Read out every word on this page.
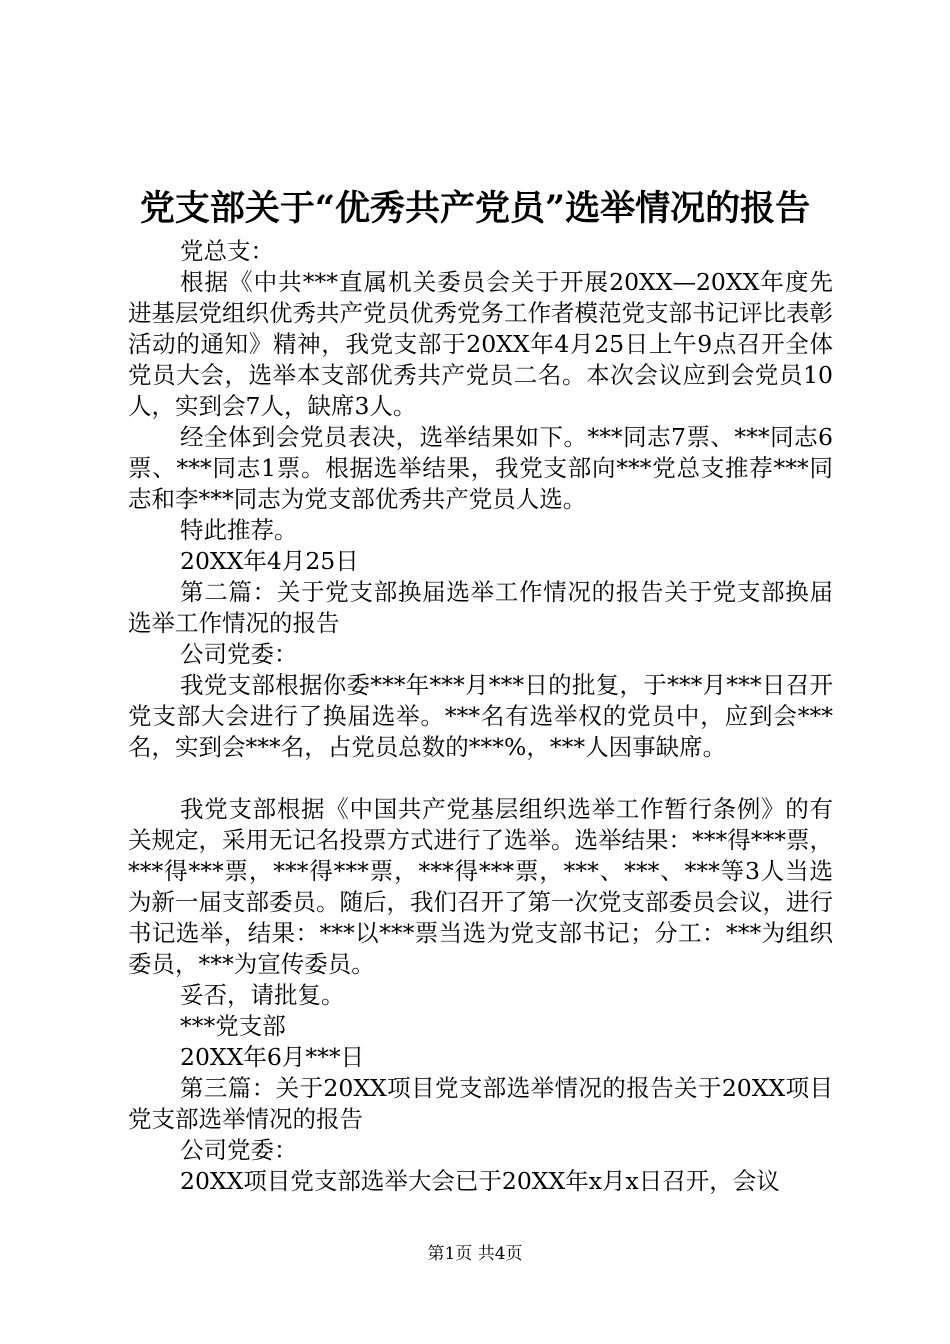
党支部关于“优秀共产党员”选举情况的报告

党总支：

根据《中共***直属机关委员会关于开展20XX—20XX年度先进基层党组织优秀共产党员优秀党务工作者模范党支部书记评比表彰活动的通知》精神，我党支部于20XX年4月25日上午9点召开全体党员大会，选举本支部优秀共产党员二名。本次会议应到会党员10人，实到会7人，缺席3人。

经全体到会党员表决，选举结果如下。***同志7票、***同志6票、***同志1票。根据选举结果，我党支部向***党总支推荐***同志和李***同志为党支部优秀共产党员人选。

特此推荐。

20XX年4月25日

第二篇：关于党支部换届选举工作情况的报告关于党支部换届选举工作情况的报告

公司党委：

我党支部根据你委***年***月***日的批复，于***月***日召开党支部大会进行了换届选举。***名有选举权的党员中，应到会***名，实到会***名，占党员总数的***%，***人因事缺席。

我党支部根据《中国共产党基层组织选举工作暂行条例》的有关规定，采用无记名投票方式进行了选举。选举结果：***得***票，***得***票，***得***票，***得***票，***、***、***等3人当选为新一届支部委员。随后，我们召开了第一次党支部委员会议，进行书记选举，结果：***以***票当选为党支部书记；分工：***为组织委员，***为宣传委员。

妥否，请批复。

***党支部

20XX年6月***日

第三篇：关于20XX项目党支部选举情况的报告关于20XX项目党支部选举情况的报告

公司党委：

20XX项目党支部选举大会已于20XX年x月x日召开，会议

第1页 共4页
